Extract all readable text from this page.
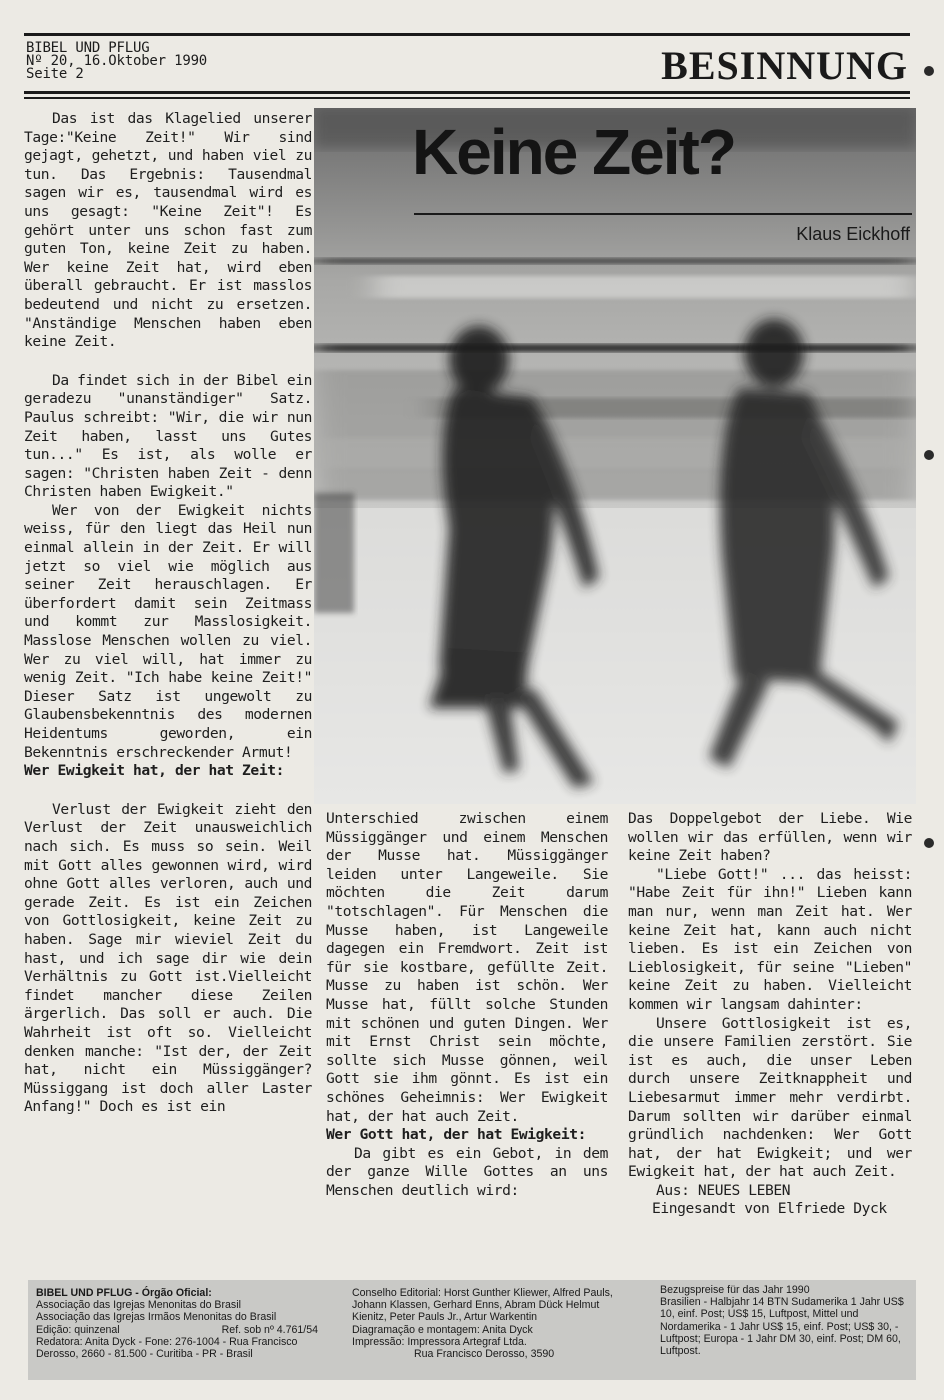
BIBEL UND PFLUG
Nº 20, 16.Oktober 1990
Seite 2	BESINNUNG
Keine Zeit?
Klaus Eickhoff

Das ist das Klagelied unserer Tage:"Keine Zeit!" Wir sind gejagt, gehetzt, und haben viel zu tun. Das Ergebnis: Tausendmal sagen wir es, tausendmal wird es uns gesagt: "Keine Zeit"! Es gehört unter uns schon fast zum guten Ton, keine Zeit zu haben. Wer keine Zeit hat, wird eben überall gebraucht. Er ist masslos bedeutend und nicht zu ersetzen. "Anständige Menschen haben eben keine Zeit.

Da findet sich in der Bibel ein geradezu "unanständiger" Satz. Paulus schreibt: "Wir, die wir nun Zeit haben, lasst uns Gutes tun..." Es ist, als wolle er sagen: "Christen haben Zeit - denn Christen haben Ewigkeit."

Wer von der Ewigkeit nichts weiss, für den liegt das Heil nun einmal allein in der Zeit. Er will jetzt so viel wie möglich aus seiner Zeit herauschlagen. Er überfordert damit sein Zeitmass und kommt zur Masslosigkeit. Masslose Menschen wollen zu viel. Wer zu viel will, hat immer zu wenig Zeit. "Ich habe keine Zeit!" Dieser Satz ist ungewolt zu Glaubensbekenntnis des modernen Heidentums geworden, ein Bekenntnis erschreckender Armut!

Wer Ewigkeit hat, der hat Zeit:

Verlust der Ewigkeit zieht den Verlust der Zeit unausweichlich nach sich. Es muss so sein. Weil mit Gott alles gewonnen wird, wird ohne Gott alles verloren, auch und gerade Zeit. Es ist ein Zeichen von Gottlosigkeit, keine Zeit zu haben. Sage mir wieviel Zeit du hast, und ich sage dir wie dein Verhältnis zu Gott ist.Vielleicht findet mancher diese Zeilen ärgerlich. Das soll er auch. Die Wahrheit ist oft so. Vielleicht denken manche: "Ist der, der Zeit hat, nicht ein Müssiggänger? Müssiggang ist doch aller Laster Anfang!" Doch es ist ein

Unterschied zwischen einem Müssiggänger und einem Menschen der Musse hat. Müssiggänger leiden unter Langeweile. Sie möchten die Zeit darum "totschlagen". Für Menschen die Musse haben, ist Langeweile dagegen ein Fremdwort. Zeit ist für sie kostbare, gefüllte Zeit. Musse zu haben ist schön. Wer Musse hat, füllt solche Stunden mit schönen und guten Dingen. Wer mit Ernst Christ sein möchte, sollte sich Musse gönnen, weil Gott sie ihm gönnt. Es ist ein schönes Geheimnis: Wer Ewigkeit hat, der hat auch Zeit.

Wer Gott hat, der hat Ewigkeit:

Da gibt es ein Gebot, in dem der ganze Wille Gottes an uns Menschen deutlich wird:

Das Doppelgebot der Liebe. Wie wollen wir das erfüllen, wenn wir keine Zeit haben?

"Liebe Gott!" ... das heisst: "Habe Zeit für ihn!" Lieben kann man nur, wenn man Zeit hat. Wer keine Zeit hat, kann auch nicht lieben. Es ist ein Zeichen von Lieblosigkeit, für seine "Lieben" keine Zeit zu haben. Vielleicht kommen wir langsam dahinter:

Unsere Gottlosigkeit ist es, die unsere Familien zerstört. Sie ist es auch, die unser Leben durch unsere Zeitknappheit und Liebesarmut immer mehr verdirbt. Darum sollten wir darüber einmal gründlich nachdenken: Wer Gott hat, der hat Ewigkeit; und wer Ewigkeit hat, der hat auch Zeit.

Aus: NEUES LEBEN

Eingesandt von Elfriede Dyck

BIBEL UND PFLUG - Órgão Oficial:
Associação das Igrejas Menonitas do Brasil
Associação das Igrejas Irmãos Menonitas do Brasil
Edição: quinzenal	Ref. sob nº 4.761/54
Redatora: Anita Dyck - Fone: 276-1004 - Rua Francisco Derosso, 2660 - 81.500 - Curitiba - PR - Brasil
Conselho Editorial: Horst Gunther Kliewer, Alfred Pauls, Johann Klassen, Gerhard Enns, Abram Dück Helmut Kienitz, Peter Pauls Jr., Artur Warkentin
Diagramação e montagem: Anita Dyck
Impressão: Impressora Artegraf Ltda.
Rua Francisco Derosso, 3590
Bezugspreise für das Jahr 1990
Brasilien - Halbjahr 14 BTN Sudamerika 1 Jahr US$ 10, einf. Post; US$ 15, Luftpost, Mittel und Nordamerika - 1 Jahr US$ 15, einf. Post; US$ 30, - Luftpost; Europa - 1 Jahr DM 30, einf. Post; DM 60, Luftpost.
